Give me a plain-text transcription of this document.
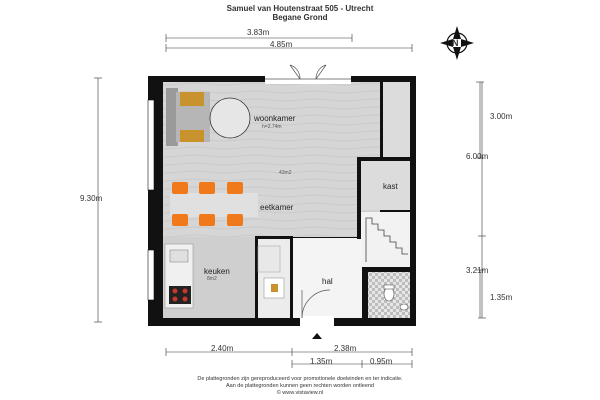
Samuel van Houtenstraat 505 - Utrecht
Begane Grond
N
3.83m
4.85m
9.30m
3.00m
6.00m
3.21m
1.35m
2.40m	2.38m
1.35m	0.95m
woonkamer
h=2.74m
43m2
eetkamer
keuken
8m2
kast
hal
De plattegronden zijn gereproduceerd voor promotionele doeleinden en ter indicatie.
Aan de plattegronden kunnen geen rechten worden ontleend
© www.vistaview.nl
